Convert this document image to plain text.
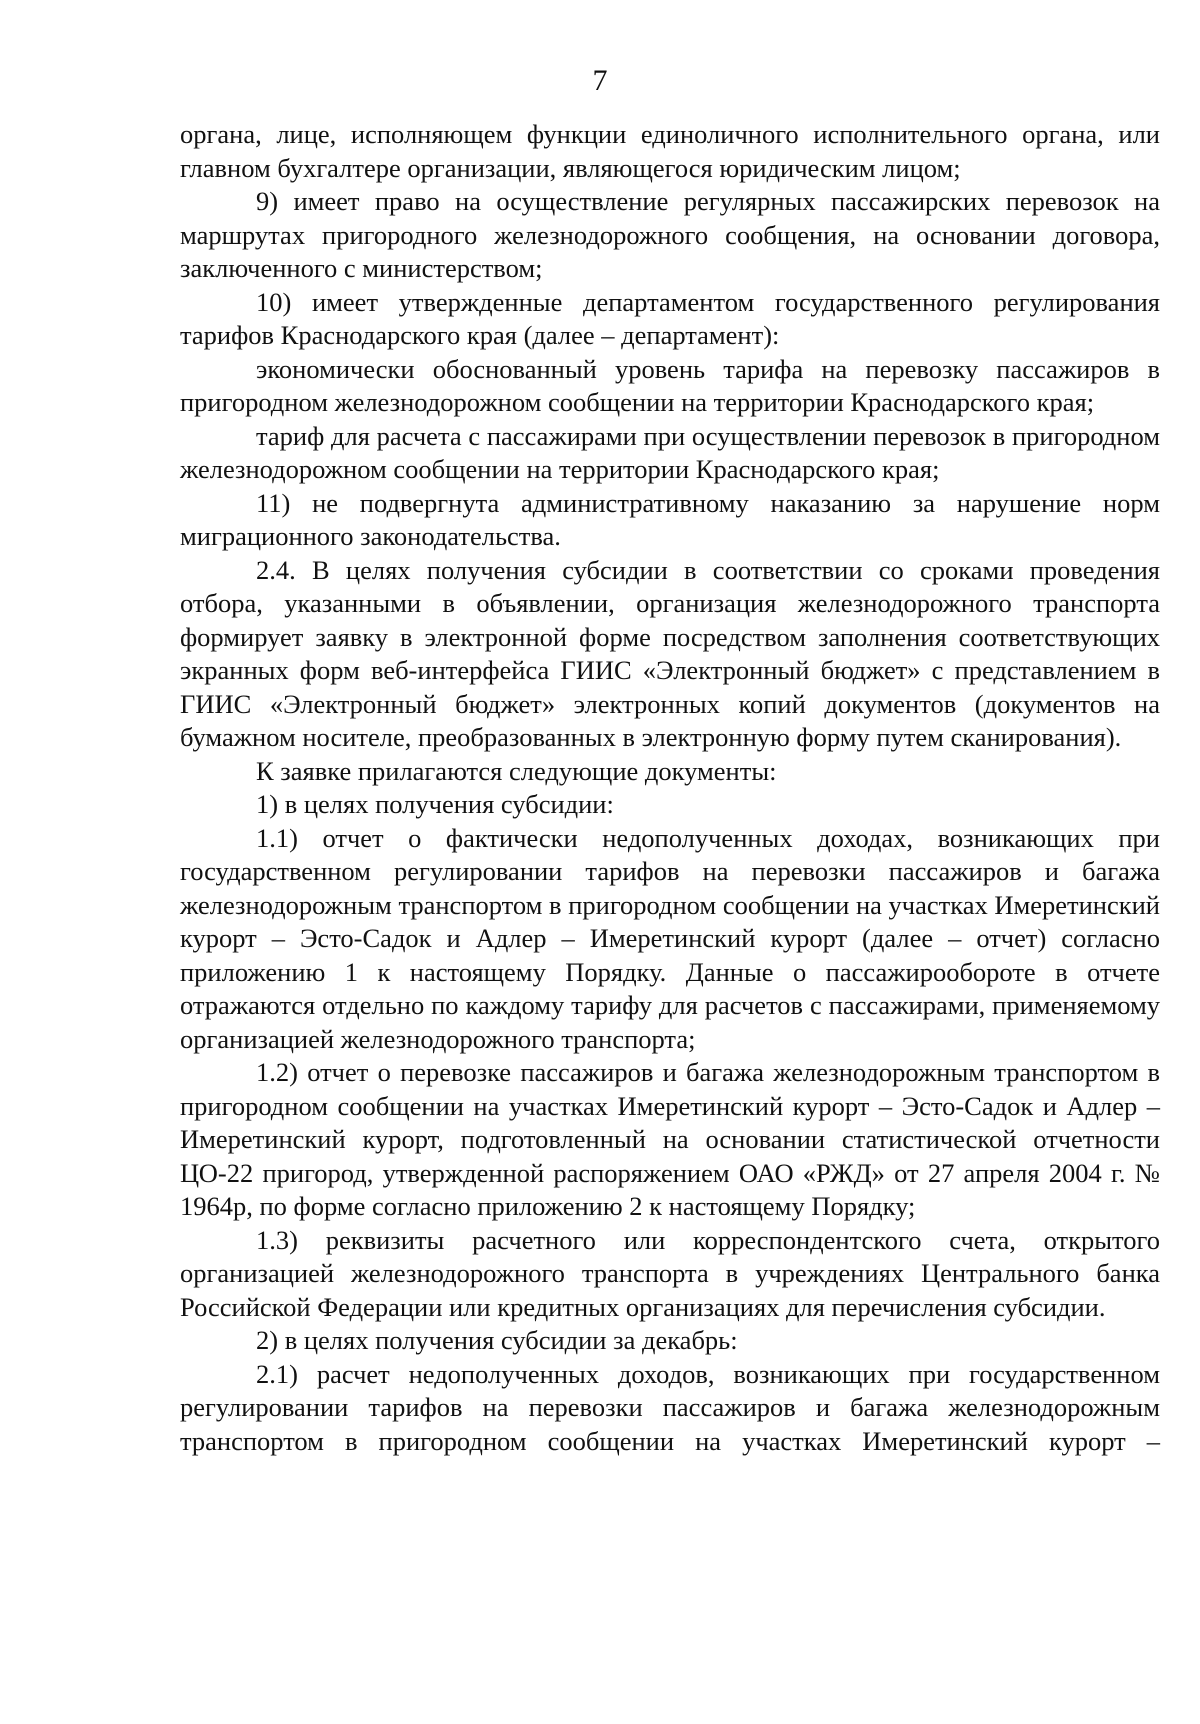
7

органа, лице, исполняющем функции единоличного исполнительного органа, или главном бухгалтере организации, являющегося юридическим лицом;

9) имеет право на осуществление регулярных пассажирских перевозок на маршрутах пригородного железнодорожного сообщения, на основании договора, заключенного с министерством;

10) имеет утвержденные департаментом государственного регулирования тарифов Краснодарского края (далее – департамент):

экономически обоснованный уровень тарифа на перевозку пассажиров в пригородном железнодорожном сообщении на территории Краснодарского края;

тариф для расчета с пассажирами при осуществлении перевозок в пригородном железнодорожном сообщении на территории Краснодарского края;

11) не подвергнута административному наказанию за нарушение норм миграционного законодательства.

2.4. В целях получения субсидии в соответствии со сроками проведения отбора, указанными в объявлении, организация железнодорожного транспорта формирует заявку в электронной форме посредством заполнения соответствующих экранных форм веб-интерфейса ГИИС «Электронный бюджет» с представлением в ГИИС «Электронный бюджет» электронных копий документов (документов на бумажном носителе, преобразованных в электронную форму путем сканирования).

К заявке прилагаются следующие документы:

1) в целях получения субсидии:

1.1) отчет о фактически недополученных доходах, возникающих при государственном регулировании тарифов на перевозки пассажиров и багажа железнодорожным транспортом в пригородном сообщении на участках Имеретинский курорт – Эсто-Садок и Адлер – Имеретинский курорт (далее – отчет) согласно приложению 1 к настоящему Порядку. Данные о пассажирообороте в отчете отражаются отдельно по каждому тарифу для расчетов с пассажирами, применяемому организацией железнодорожного транспорта;

1.2) отчет о перевозке пассажиров и багажа железнодорожным транспортом в пригородном сообщении на участках Имеретинский курорт – Эсто-Садок и Адлер – Имеретинский курорт, подготовленный на основании статистической отчетности ЦО-22 пригород, утвержденной распоряжением ОАО «РЖД» от 27 апреля 2004 г. № 1964р, по форме согласно приложению 2 к настоящему Порядку;

1.3) реквизиты расчетного или корреспондентского счета, открытого организацией железнодорожного транспорта в учреждениях Центрального банка Российской Федерации или кредитных организациях для перечисления субсидии.

2) в целях получения субсидии за декабрь:

2.1) расчет недополученных доходов, возникающих при государственном регулировании тарифов на перевозки пассажиров и багажа железнодорожным транспортом в пригородном сообщении на участках Имеретинский курорт –
